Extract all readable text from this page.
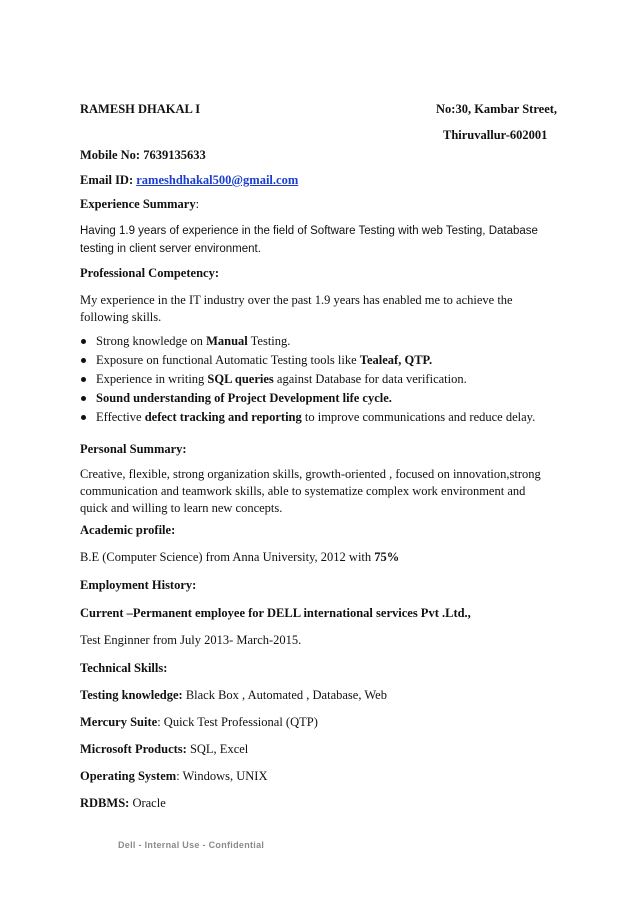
RAMESH DHAKAL I	No:30, Kambar Street,
Thiruvallur-602001
Mobile No: 7639135633
Email ID: rameshdhakal500@gmail.com
Experience Summary:
Having 1.9 years of experience in the field of Software Testing with web Testing, Database testing in client server environment.
Professional Competency:
My experience in the IT industry over the past 1.9 years has enabled me to achieve the following skills.
Strong knowledge on Manual Testing.
Exposure on functional Automatic Testing tools like Tealeaf, QTP.
Experience in writing SQL queries against Database for data verification.
Sound understanding of Project Development life cycle.
Effective defect tracking and reporting to improve communications and reduce delay.
Personal Summary:
Creative, flexible, strong organization skills, growth-oriented , focused on innovation,strong communication and teamwork skills, able to systematize complex work environment and quick and willing to learn new concepts.
Academic profile:
B.E (Computer Science) from Anna University, 2012 with 75%
Employment History:
Current –Permanent employee for DELL international services Pvt .Ltd.,
Test Enginner from July 2013- March-2015.
Technical Skills:
Testing knowledge: Black Box , Automated , Database, Web
Mercury Suite: Quick Test Professional (QTP)
Microsoft Products: SQL, Excel
Operating System: Windows, UNIX
RDBMS: Oracle
Dell - Internal Use - Confidential
